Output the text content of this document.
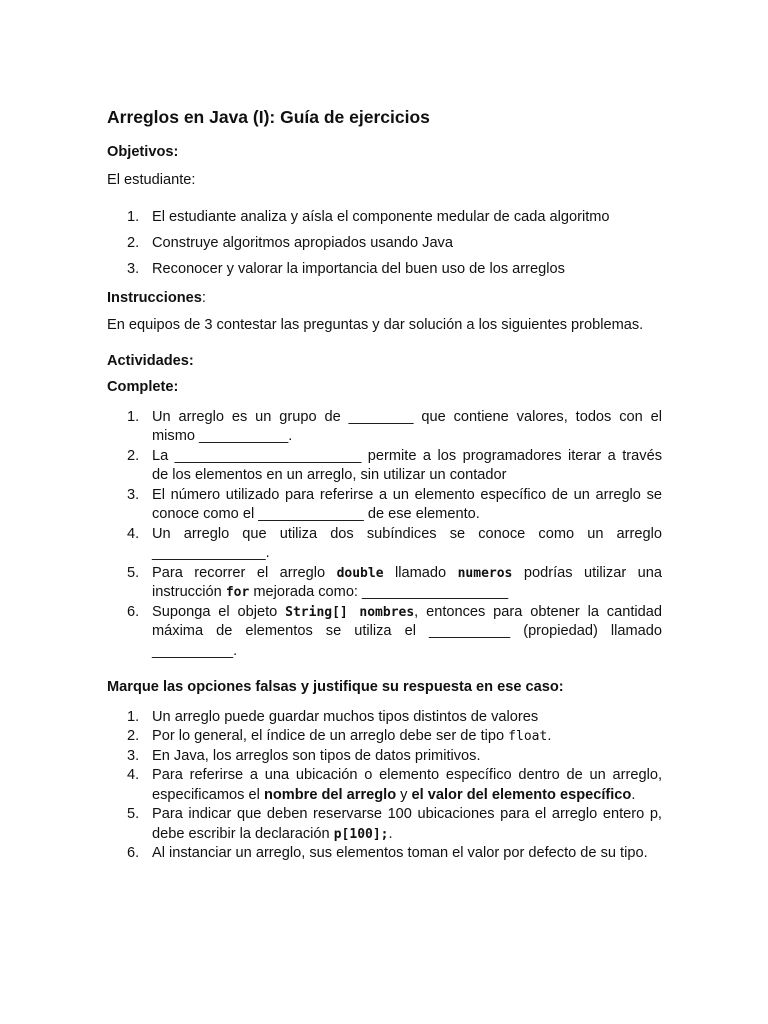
Arreglos en Java (I): Guía de ejercicios

Objetivos:

El estudiante:

1. El estudiante analiza y aísla el componente medular de cada algoritmo
2. Construye algoritmos apropiados usando Java
3. Reconocer y valorar la importancia del buen uso de los arreglos

Instrucciones:

En equipos de 3 contestar las preguntas y dar solución a los siguientes problemas.

Actividades:

Complete:

1. Un arreglo es un grupo de ________ que contiene valores, todos con el mismo ___________.
2. La _______________________ permite a los programadores iterar a través de los elementos en un arreglo, sin utilizar un contador
3. El número utilizado para referirse a un elemento específico de un arreglo se conoce como el _____________ de ese elemento.
4. Un arreglo que utiliza dos subíndices se conoce como un arreglo ______________.
5. Para recorrer el arreglo double llamado numeros podrías utilizar una instrucción for mejorada como: __________________
6. Suponga el objeto String[] nombres, entonces para obtener la cantidad máxima de elementos se utiliza el __________ (propiedad) llamado __________.

Marque las opciones falsas y justifique su respuesta en ese caso:

1. Un arreglo puede guardar muchos tipos distintos de valores
2. Por lo general, el índice de un arreglo debe ser de tipo float.
3. En Java, los arreglos son tipos de datos primitivos.
4. Para referirse a una ubicación o elemento específico dentro de un arreglo, especificamos el nombre del arreglo y el valor del elemento específico.
5. Para indicar que deben reservarse 100 ubicaciones para el arreglo entero p, debe escribir la declaración p[100];.
6. Al instanciar un arreglo, sus elementos toman el valor por defecto de su tipo.
